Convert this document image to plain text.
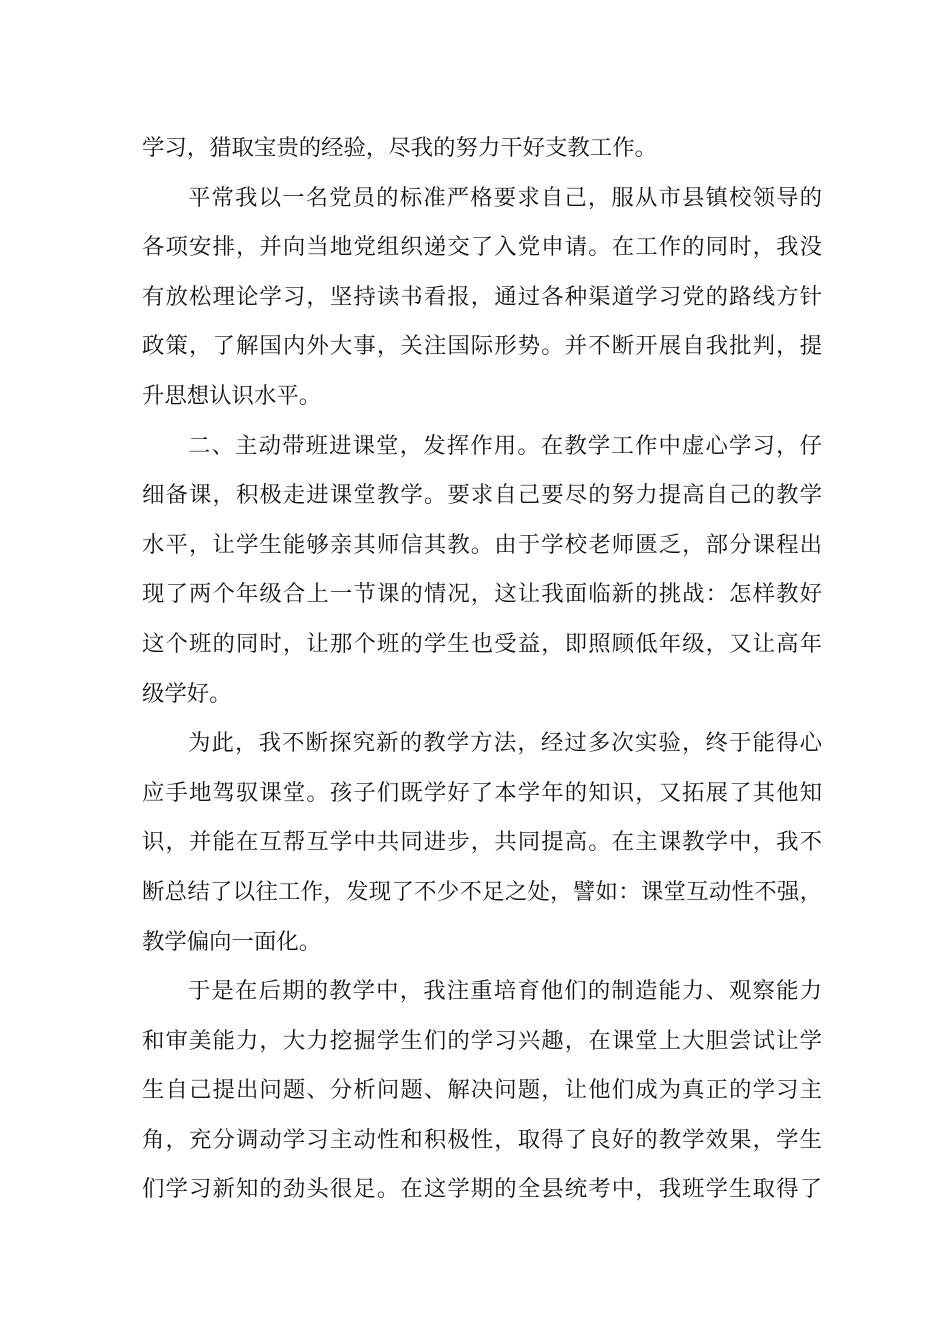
学习，猎取宝贵的经验，尽我的努力干好支教工作。
平常我以一名党员的标准严格要求自己，服从市县镇校领导的
各项安排，并向当地党组织递交了入党申请。在工作的同时，我没
有放松理论学习，坚持读书看报，通过各种渠道学习党的路线方针
政策，了解国内外大事，关注国际形势。并不断开展自我批判，提
升思想认识水平。
二、主动带班进课堂，发挥作用。在教学工作中虚心学习，仔
细备课，积极走进课堂教学。要求自己要尽的努力提高自己的教学
水平，让学生能够亲其师信其教。由于学校老师匮乏，部分课程出
现了两个年级合上一节课的情况，这让我面临新的挑战：怎样教好
这个班的同时，让那个班的学生也受益，即照顾低年级，又让高年
级学好。
为此，我不断探究新的教学方法，经过多次实验，终于能得心
应手地驾驭课堂。孩子们既学好了本学年的知识，又拓展了其他知
识，并能在互帮互学中共同进步，共同提高。在主课教学中，我不
断总结了以往工作，发现了不少不足之处，譬如：课堂互动性不强，
教学偏向一面化。
于是在后期的教学中，我注重培育他们的制造能力、观察能力
和审美能力，大力挖掘学生们的学习兴趣，在课堂上大胆尝试让学
生自己提出问题、分析问题、解决问题，让他们成为真正的学习主
角，充分调动学习主动性和积极性，取得了良好的教学效果，学生
们学习新知的劲头很足。在这学期的全县统考中，我班学生取得了
